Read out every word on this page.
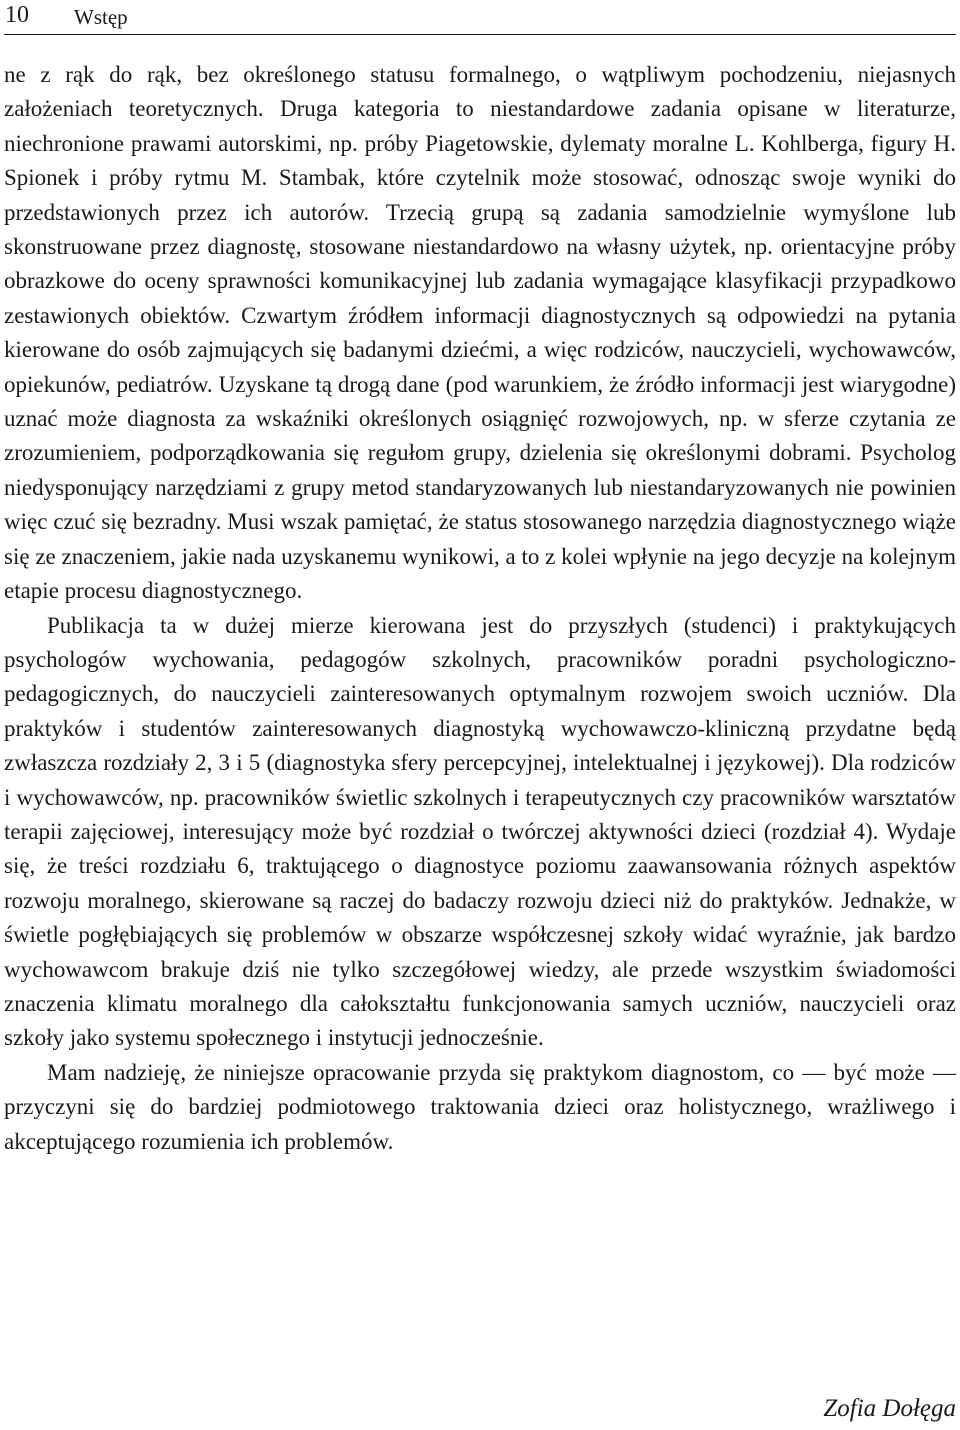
10 Wstęp

ne z rąk do rąk, bez określonego statusu formalnego, o wątpliwym pochodzeniu, niejasnych założeniach teoretycznych. Druga kategoria to niestandardowe zadania opisane w literaturze, niechronione prawami autorskimi, np. próby Piagetowskie, dylematy moralne L. Kohlberga, figury H. Spionek i próby rytmu M. Stambak, które czytelnik może stosować, odnosząc swoje wyniki do przedstawionych przez ich autorów. Trzecią grupą są zadania samodzielnie wymyślone lub skonstruowane przez diagnostę, stosowane niestandardowo na własny użytek, np. orientacyjne próby obrazkowe do oceny sprawności komunikacyjnej lub zadania wymagające klasyfikacji przypadkowo zestawionych obiektów. Czwartym źródłem informacji diagnostycznych są odpowiedzi na pytania kierowane do osób zajmujących się badanymi dziećmi, a więc rodziców, nauczycieli, wychowawców, opiekunów, pediatrów. Uzyskane tą drogą dane (pod warunkiem, że źródło informacji jest wiarygodne) uznać może diagnosta za wskaźniki określonych osiągnięć rozwojowych, np. w sferze czytania ze zrozumieniem, podporządkowania się regułom grupy, dzielenia się określonymi dobrami. Psycholog niedysponujący narzędziami z grupy metod standaryzowanych lub niestandaryzowanych nie powinien więc czuć się bezradny. Musi wszak pamiętać, że status stosowanego narzędzia diagnostycznego wiąże się ze znaczeniem, jakie nada uzyskanemu wynikowi, a to z kolei wpłynie na jego decyzje na kolejnym etapie procesu diagnostycznego.

Publikacja ta w dużej mierze kierowana jest do przyszłych (studenci) i praktykujących psychologów wychowania, pedagogów szkolnych, pracowników poradni psychologiczno-pedagogicznych, do nauczycieli zainteresowanych optymalnym rozwojem swoich uczniów. Dla praktyków i studentów zainteresowanych diagnostyką wychowawczo-kliniczną przydatne będą zwłaszcza rozdziały 2, 3 i 5 (diagnostyka sfery percepcyjnej, intelektualnej i językowej). Dla rodziców i wychowawców, np. pracowników świetlic szkolnych i terapeutycznych czy pracowników warsztatów terapii zajęciowej, interesujący może być rozdział o twórczej aktywności dzieci (rozdział 4). Wydaje się, że treści rozdziału 6, traktującego o diagnostyce poziomu zaawansowania różnych aspektów rozwoju moralnego, skierowane są raczej do badaczy rozwoju dzieci niż do praktyków. Jednakże, w świetle pogłębiających się problemów w obszarze współczesnej szkoły widać wyraźnie, jak bardzo wychowawcom brakuje dziś nie tylko szczegółowej wiedzy, ale przede wszystkim świadomości znaczenia klimatu moralnego dla całokształtu funkcjonowania samych uczniów, nauczycieli oraz szkoły jako systemu społecznego i instytucji jednocześnie.

Mam nadzieję, że niniejsze opracowanie przyda się praktykom diagnostom, co — być może — przyczyni się do bardziej podmiotowego traktowania dzieci oraz holistycznego, wrażliwego i akceptującego rozumienia ich problemów.

Zofia Dołęga
